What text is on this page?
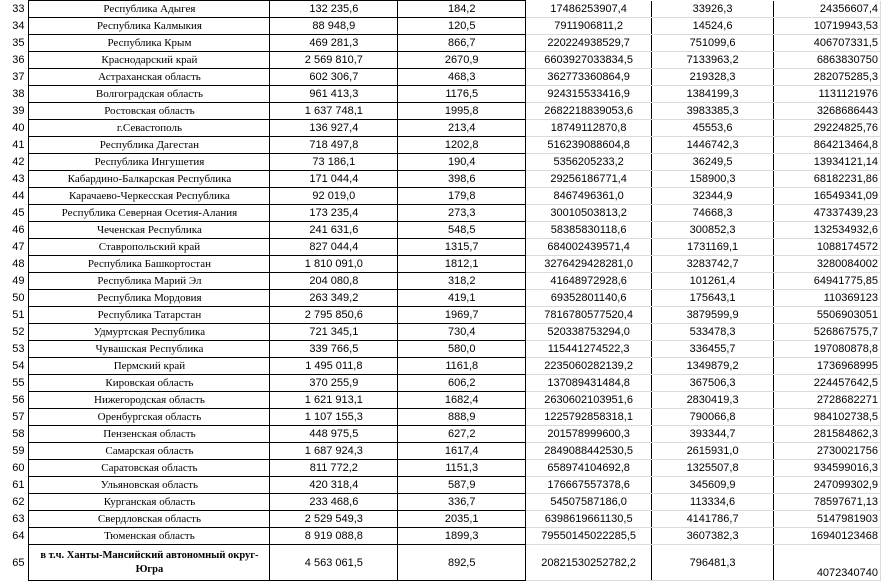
33	Республика Адыгея	132 235,6	184,2	17486253907,4	33926,3	24356607,4
34	Республика Калмыкия	88 948,9	120,5	7911906811,2	14524,6	10719943,53
35	Республика Крым	469 281,3	866,7	220224938529,7	751099,6	406707331,5
36	Краснодарский край	2 569 810,7	2670,9	6603927033834,5	7133963,2	6863830750
37	Астраханская область	602 306,7	468,3	362773360864,9	219328,3	282075285,3
38	Волгоградская область	961 413,3	1176,5	924315533416,9	1384199,3	1131121976
39	Ростовская область	1 637 748,1	1995,8	2682218839053,6	3983385,3	3268686443
40	г.Севастополь	136 927,4	213,4	18749112870,8	45553,6	29224825,76
41	Республика Дагестан	718 497,8	1202,8	516239088604,8	1446742,3	864213464,8
42	Республика Ингушетия	73 186,1	190,4	5356205233,2	36249,5	13934121,14
43	Кабардино-Балкарская Республика	171 044,4	398,6	29256186771,4	158900,3	68182231,86
44	Карачаево-Черкесская Республика	92 019,0	179,8	8467496361,0	32344,9	16549341,09
45	Республика Северная Осетия-Алания	173 235,4	273,3	30010503813,2	74668,3	47337439,23
46	Чеченская Республика	241 631,6	548,5	58385830118,6	300852,3	132534932,6
47	Ставропольский край	827 044,4	1315,7	684002439571,4	1731169,1	1088174572
48	Республика Башкортостан	1 810 091,0	1812,1	3276429428281,0	3283742,7	3280084002
49	Республика Марий Эл	204 080,8	318,2	41648972928,6	101261,4	64941775,85
50	Республика Мордовия	263 349,2	419,1	69352801140,6	175643,1	110369123
51	Республика Татарстан	2 795 850,6	1969,7	7816780577520,4	3879599,9	5506903051
52	Удмуртская Республика	721 345,1	730,4	520338753294,0	533478,3	526867575,7
53	Чувашская Республика	339 766,5	580,0	115441274522,3	336455,7	197080878,8
54	Пермский край	1 495 011,8	1161,8	2235060282139,2	1349879,2	1736968995
55	Кировская область	370 255,9	606,2	137089431484,8	367506,3	224457642,5
56	Нижегородская область	1 621 913,1	1682,4	2630602103951,6	2830419,3	2728682271
57	Оренбургская область	1 107 155,3	888,9	1225792858318,1	790066,8	984102738,5
58	Пензенская область	448 975,5	627,2	201578999600,3	393344,7	281584862,3
59	Самарская область	1 687 924,3	1617,4	2849088442530,5	2615931,0	2730021756
60	Саратовская область	811 772,2	1151,3	658974104692,8	1325507,8	934599016,3
61	Ульяновская область	420 318,4	587,9	176667557378,6	345609,9	247099302,9
62	Курганская область	233 468,6	336,7	54507587186,0	113334,6	78597671,13
63	Свердловская область	2 529 549,3	2035,1	6398619661130,5	4141786,7	5147981903
64	Тюменская область	8 919 088,8	1899,3	79550145022285,5	3607382,3	16940123468
65	в т.ч. Ханты-Мансийский автономный округ-Югра	4 563 061,5	892,5	20821530252782,2	796481,3	4072340740
